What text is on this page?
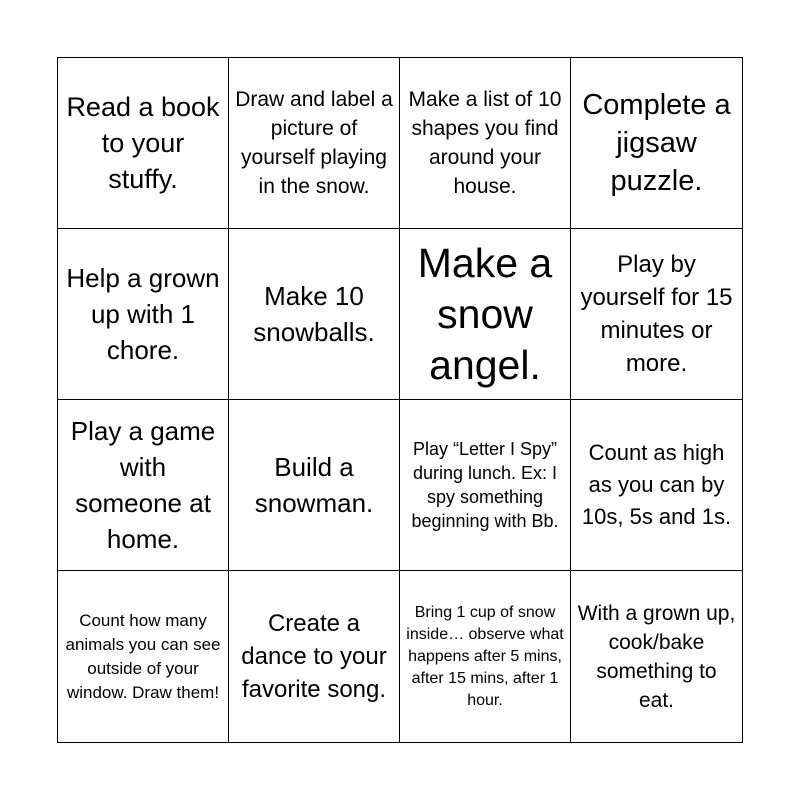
Read a book to your stuffy.
Draw and label a picture of yourself playing in the snow.
Make a list of 10 shapes you find around your house.
Complete a jigsaw puzzle.
Help a grown up with 1 chore.
Make 10 snowballs.
Make a snow angel.
Play by yourself for 15 minutes or more.
Play a game with someone at home.
Build a snowman.
Play “Letter I Spy” during lunch. Ex: I spy something beginning with Bb.
Count as high as you can by 10s, 5s and 1s.
Count how many animals you can see outside of your window. Draw them!
Create a dance to your favorite song.
Bring 1 cup of snow inside… observe what happens after 5 mins, after 15 mins, after 1 hour.
With a grown up, cook/bake something to eat.
